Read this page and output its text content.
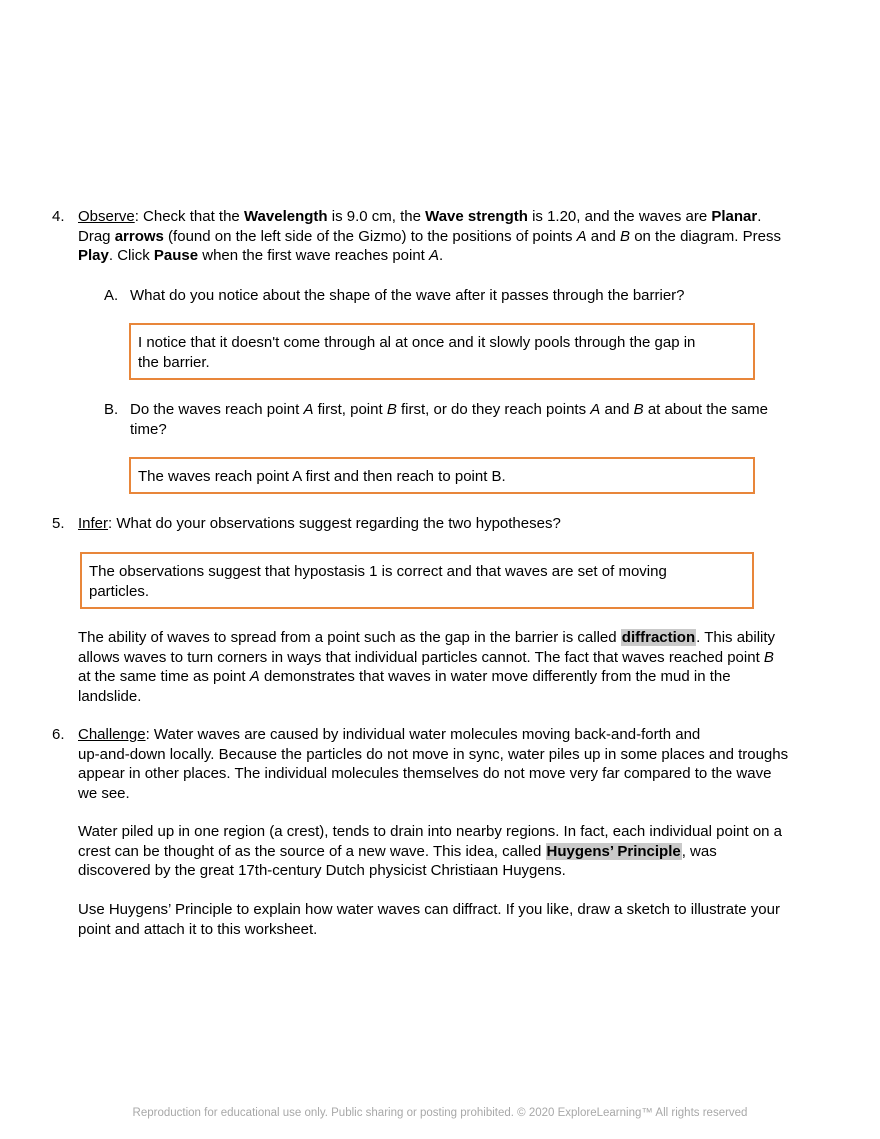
4. Observe: Check that the Wavelength is 9.0 cm, the Wave strength is 1.20, and the waves are Planar.
Drag arrows (found on the left side of the Gizmo) to the positions of points A and B on the diagram. Press
Play. Click Pause when the first wave reaches point A.
A. What do you notice about the shape of the wave after it passes through the barrier?
I notice that it doesn't come through al at once and it slowly pools through the gap in
the barrier.
B. Do the waves reach point A first, point B first, or do they reach points A and B at about the same
time?
The waves reach point A first and then reach to point B.
5. Infer: What do your observations suggest regarding the two hypotheses?
The observations suggest that hypostasis 1 is correct and that waves are set of moving
particles.
The ability of waves to spread from a point such as the gap in the barrier is called diffraction. This ability
allows waves to turn corners in ways that individual particles cannot. The fact that waves reached point B
at the same time as point A demonstrates that waves in water move differently from the mud in the
landslide.
6. Challenge: Water waves are caused by individual water molecules moving back-and-forth and
up-and-down locally. Because the particles do not move in sync, water piles up in some places and troughs
appear in other places. The individual molecules themselves do not move very far compared to the wave
we see.
Water piled up in one region (a crest), tends to drain into nearby regions. In fact, each individual point on a
crest can be thought of as the source of a new wave. This idea, called Huygens’ Principle, was
discovered by the great 17th-century Dutch physicist Christiaan Huygens.
Use Huygens’ Principle to explain how water waves can diffract. If you like, draw a sketch to illustrate your
point and attach it to this worksheet.
Reproduction for educational use only. Public sharing or posting prohibited. © 2020 ExploreLearning™ All rights reserved
